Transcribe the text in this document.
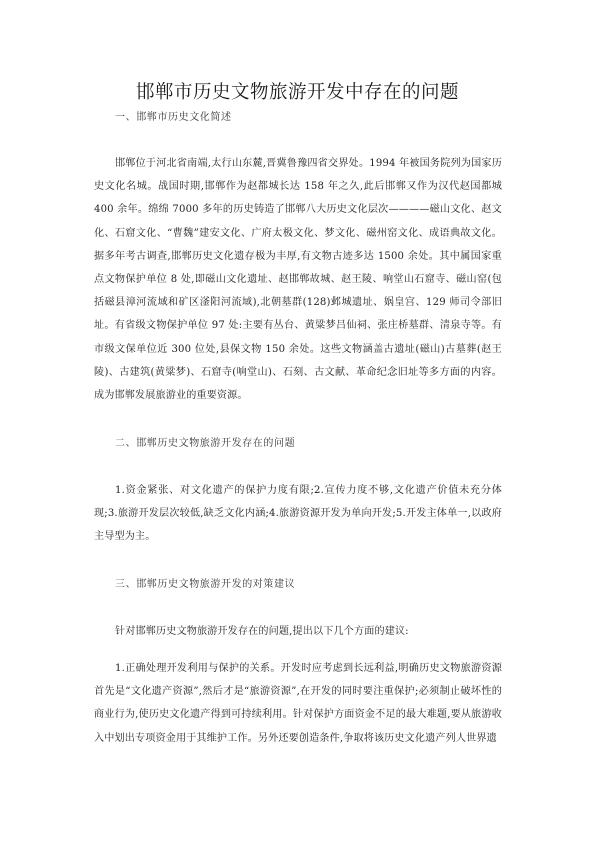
邯郸市历史文物旅游开发中存在的问题
一、邯郸市历史文化简述

邯郸位于河北省南端,太行山东麓,晋冀鲁豫四省交界处。1994 年被国务院列为国家历史文化名城。战国时期,邯郸作为赵都城长达 158 年之久,此后邯郸又作为汉代赵国都城 400 余年。绵绵 7000 多年的历史铸造了邯郸八大历史文化层次————磁山文化、赵文化、石窟文化、“曹魏”建安文化、广府太极文化、梦文化、磁州窑文化、成语典故文化。据多年考古调查,邯郸历史文化遗存极为丰厚,有文物古迹多达 1500 余处。其中属国家重点文物保护单位 8 处,即磁山文化遗址、赵邯郸故城、赵王陵、响堂山石窟寺、磁山窑(包括磁县漳河流域和矿区滏阳河流域),北朝墓群(128)邺城遗址、娲皇宫、129 师司令部旧址。有省级文物保护单位 97 处:主要有丛台、黄粱梦吕仙祠、张庄桥墓群、清泉寺等。有市级文保单位近 300 位处,县保文物 150 余处。这些文物涵盖古遗址(磁山)古墓葬(赵王陵)、古建筑(黄粱梦)、石窟寺(响堂山)、石刻、古文献、革命纪念旧址等多方面的内容。成为邯郸发展旅游业的重要资源。

二、邯郸历史文物旅游开发存在的问题

1.资金紧张、对文化遗产的保护力度有限;2.宣传力度不够,文化遗产价值未充分体现;3.旅游开发层次较低,缺乏文化内涵;4.旅游资源开发为单向开发;5.开发主体单一,以政府主导型为主。

三、邯郸历史文物旅游开发的对策建议

针对邯郸历史文物旅游开发存在的问题,提出以下几个方面的建议:

1.正确处理开发利用与保护的关系。开发时应考虑到长远利益,明确历史文物旅游资源首先是“文化遗产资源”,然后才是“旅游资源”,在开发的同时要注重保护;必须制止破坏性的商业行为,使历史文化遗产得到可持续利用。针对保护方面资金不足的最大难题,要从旅游收入中划出专项资金用于其维护工作。另外还要创造条件,争取将该历史文化遗产列人世界遗
